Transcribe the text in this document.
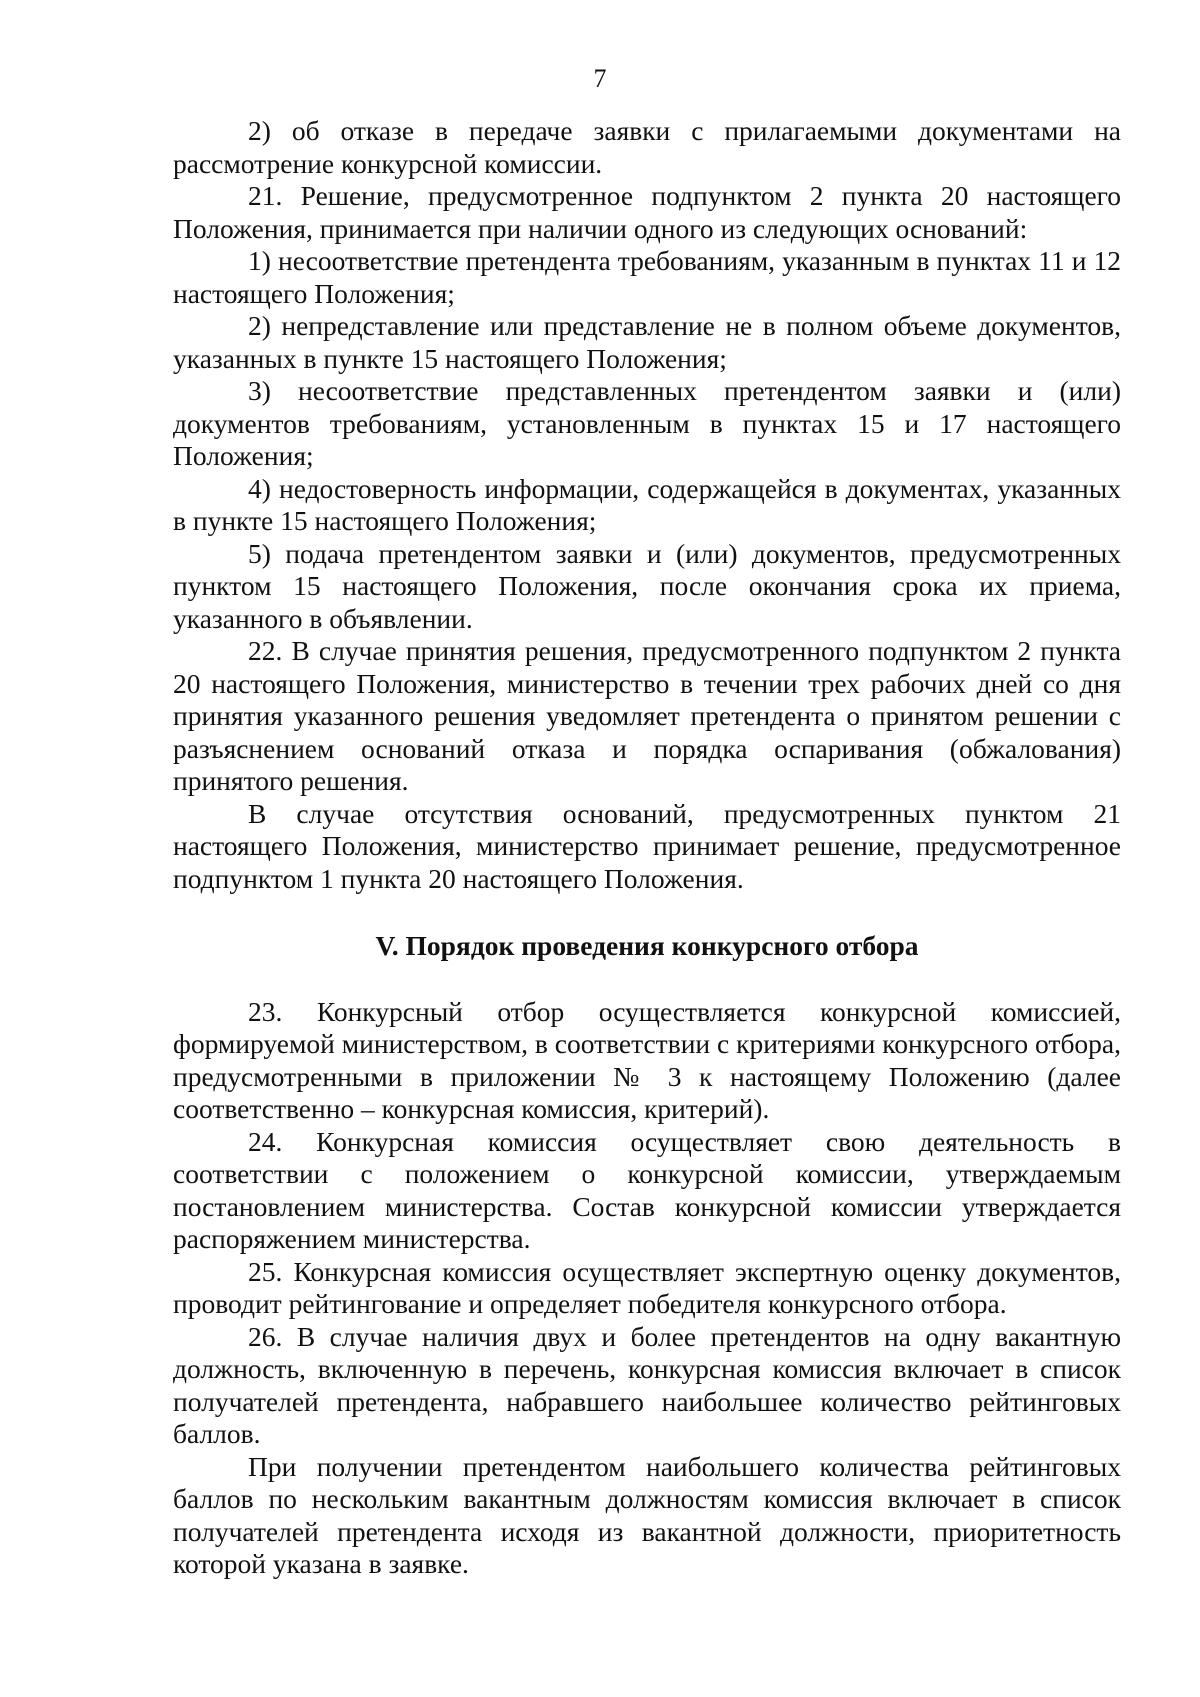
7

2) об отказе в передаче заявки с прилагаемыми документами на рассмотрение конкурсной комиссии.

21. Решение, предусмотренное подпунктом 2 пункта 20 настоящего Положения, принимается при наличии одного из следующих оснований:

1) несоответствие претендента требованиям, указанным в пунктах 11 и 12 настоящего Положения;

2) непредставление или представление не в полном объеме документов, указанных в пункте 15 настоящего Положения;

3) несоответствие представленных претендентом заявки и (или) документов требованиям, установленным в пунктах 15 и 17 настоящего Положения;

4) недостоверность информации, содержащейся в документах, указанных в пункте 15 настоящего Положения;

5) подача претендентом заявки и (или) документов, предусмотренных пунктом 15 настоящего Положения, после окончания срока их приема, указанного в объявлении.

22. В случае принятия решения, предусмотренного подпунктом 2 пункта 20 настоящего Положения, министерство в течении трех рабочих дней со дня принятия указанного решения уведомляет претендента о принятом решении с разъяснением оснований отказа и порядка оспаривания (обжалования) принятого решения.

В случае отсутствия оснований, предусмотренных пунктом 21 настоящего Положения, министерство принимает решение, предусмотренное подпунктом 1 пункта 20 настоящего Положения.

V. Порядок проведения конкурсного отбора

23. Конкурсный отбор осуществляется конкурсной комиссией, формируемой министерством, в соответствии с критериями конкурсного отбора, предусмотренными в приложении № 3 к настоящему Положению (далее соответственно – конкурсная комиссия, критерий).

24. Конкурсная комиссия осуществляет свою деятельность в соответствии с положением о конкурсной комиссии, утверждаемым постановлением министерства. Состав конкурсной комиссии утверждается распоряжением министерства.

25. Конкурсная комиссия осуществляет экспертную оценку документов, проводит рейтингование и определяет победителя конкурсного отбора.

26. В случае наличия двух и более претендентов на одну вакантную должность, включенную в перечень, конкурсная комиссия включает в список получателей претендента, набравшего наибольшее количество рейтинговых баллов.

При получении претендентом наибольшего количества рейтинговых баллов по нескольким вакантным должностям комиссия включает в список получателей претендента исходя из вакантной должности, приоритетность которой указана в заявке.
